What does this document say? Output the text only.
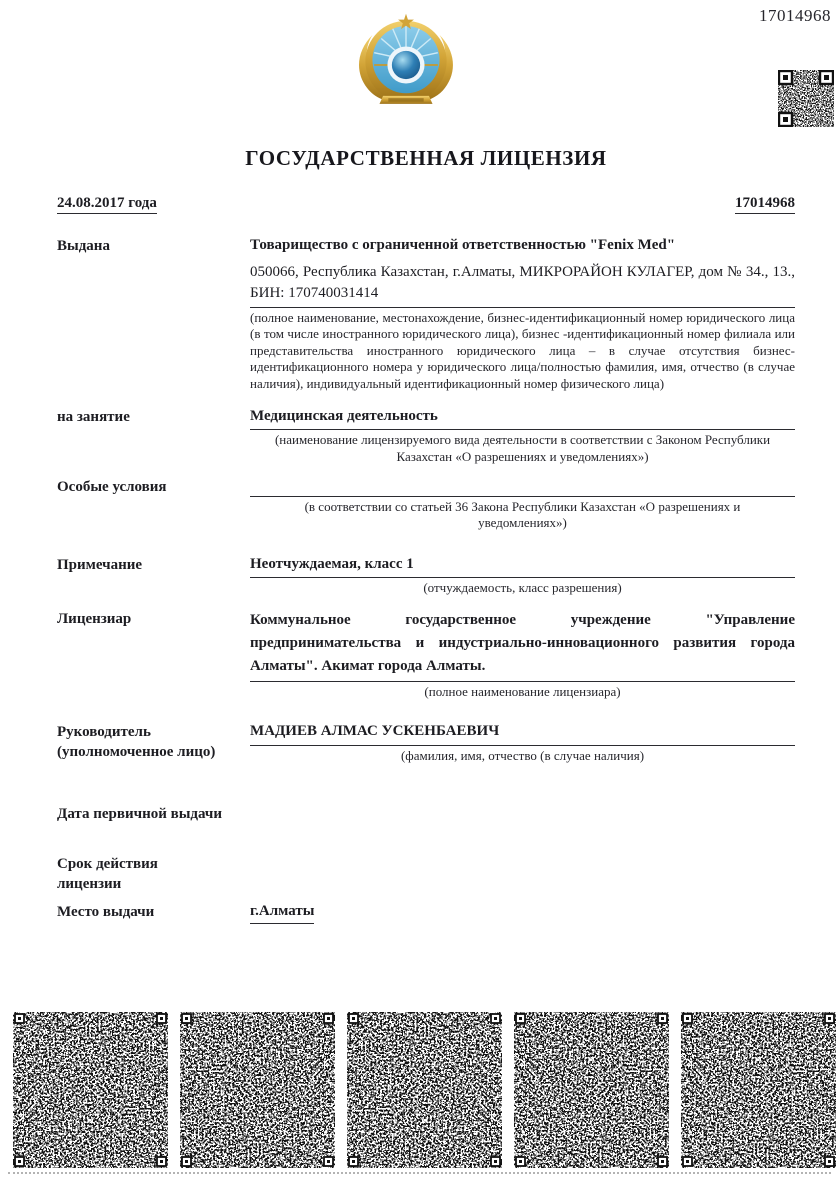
17014968
ГОСУДАРСТВЕННАЯ ЛИЦЕНЗИЯ
24.08.2017 года	17014968
Выдана	Товарищество с ограниченной ответственностью "Fenix Med"
050066, Республика Казахстан, г.Алматы, МИКРОРАЙОН КУЛАГЕР, дом № 34., 13., БИН: 170740031414
(полное наименование, местонахождение, бизнес-идентификационный номер юридического лица (в том числе иностранного юридического лица), бизнес -идентификационный номер филиала или представительства иностранного юридического лица – в случае отсутствия бизнес-идентификационного номера у юридического лица/полностью фамилия, имя, отчество (в случае наличия), индивидуальный идентификационный номер физического лица)
на занятие	Медицинская деятельность
(наименование лицензируемого вида деятельности в соответствии с Законом Республики Казахстан «О разрешениях и уведомлениях»)
Особые условия
(в соответствии со статьей 36 Закона Республики Казахстан «О разрешениях и уведомлениях»)
Примечание	Неотчуждаемая, класс 1
(отчуждаемость, класс разрешения)
Лицензиар	Коммунальное государственное учреждение "Управление предпринимательства и индустриально-инновационного развития города Алматы". Акимат города Алматы.
(полное наименование лицензиара)
Руководитель (уполномоченное лицо)
МАДИЕВ АЛМАС УСКЕНБАЕВИЧ
(фамилия, имя, отчество (в случае наличия)
Дата первичной выдачи
Срок действия лицензии
Место выдачи	г.Алматы
